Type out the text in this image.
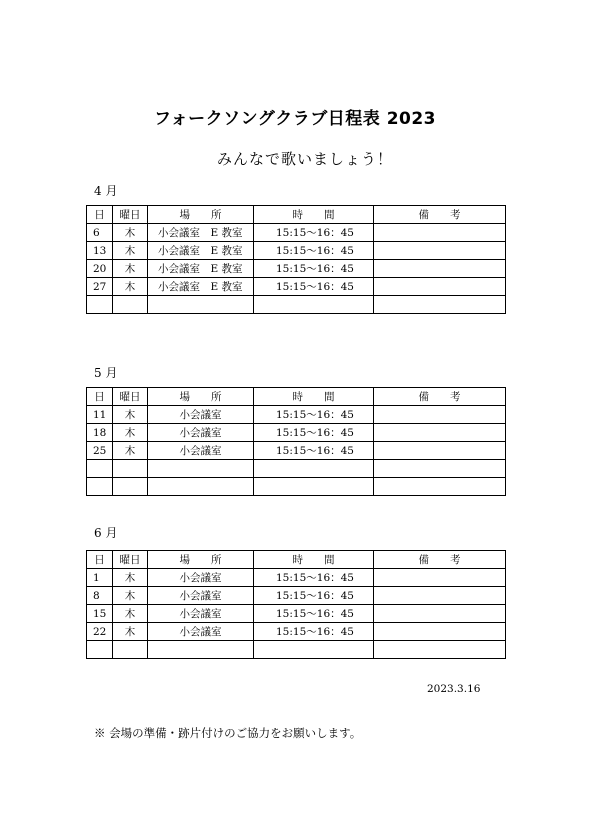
フォークソングクラブ日程表 2023
みんなで歌いましょう！
4 月
日	曜日	場　　所	時　　間	備　　考
6	木	小会議室　E 教室	15:15～16：45	
13	木	小会議室　E 教室	15:15～16：45	
20	木	小会議室　E 教室	15:15～16：45	
27	木	小会議室　E 教室	15:15～16：45	

5 月
日	曜日	場　　所	時　　間	備　　考
11	木	小会議室	15:15～16：45	
18	木	小会議室	15:15～16：45	
25	木	小会議室	15:15～16：45	

6 月
日	曜日	場　　所	時　　間	備　　考
1	木	小会議室	15:15～16：45	
8	木	小会議室	15:15～16：45	
15	木	小会議室	15:15～16：45	
22	木	小会議室	15:15～16：45	

2023.3.16
※ 会場の準備・跡片付けのご協力をお願いします。
